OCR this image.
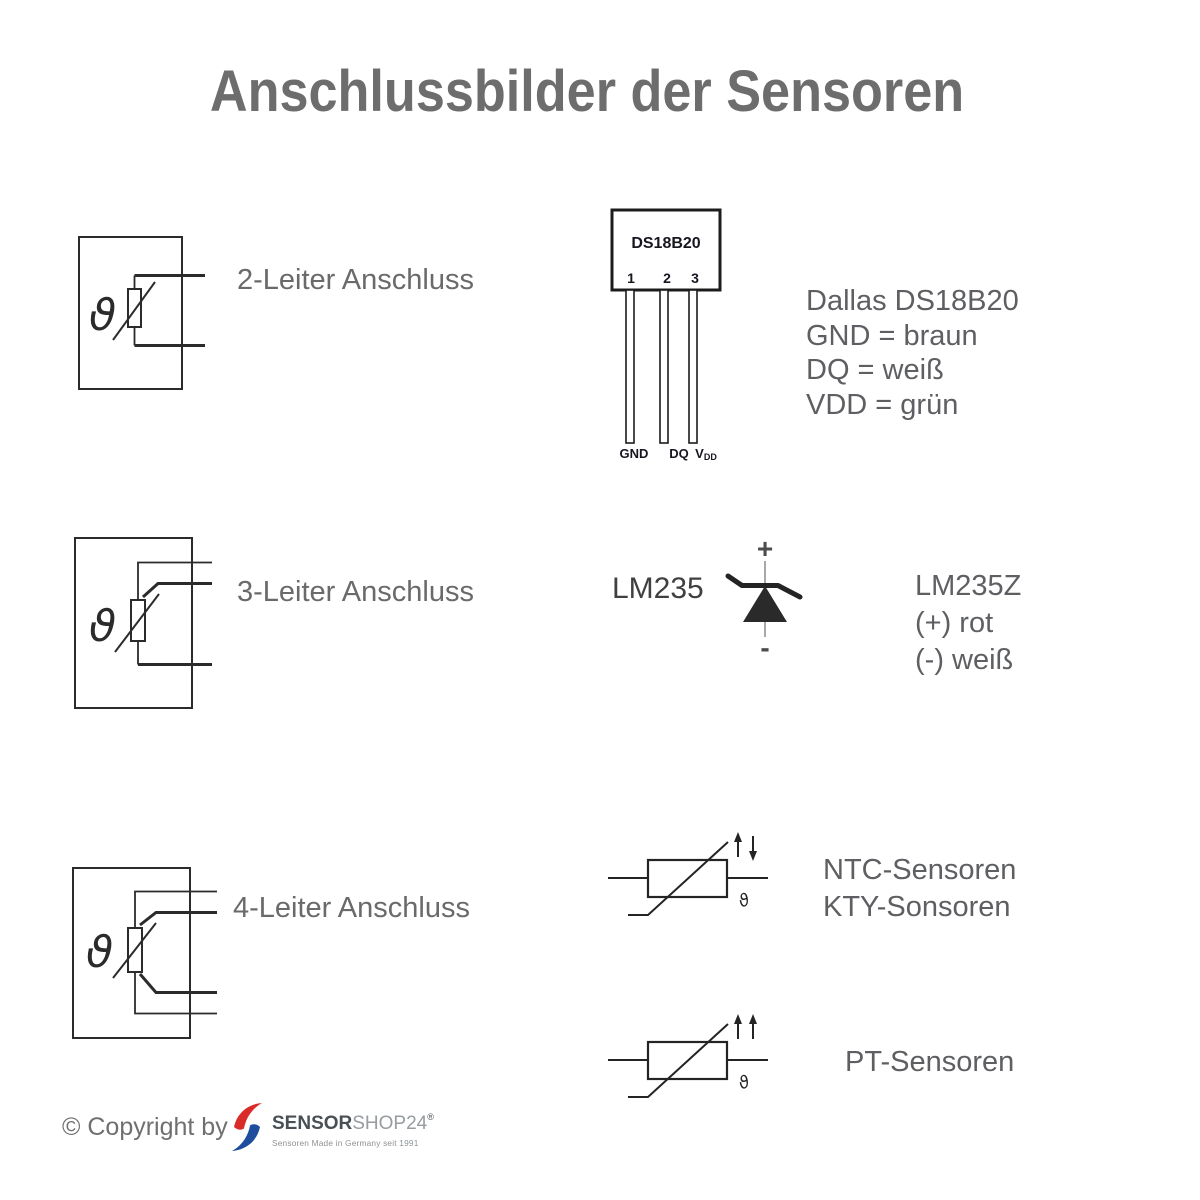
Anschlussbilder der Sensoren
ϑ
2-Leiter Anschluss
DS18B20
1 2 3
GND DQ VDD
Dallas DS18B20
GND = braun
DQ = weiß
VDD = grün
ϑ
3-Leiter Anschluss	LM235
+
-
LM235Z
(+) rot
(-) weiß
ϑ
4-Leiter Anschluss	ϑ
NTC-Sensoren
KTY-Sonsoren
ϑ
PT-Sensoren
© Copyright by SENSORSHOP24®
Sensoren Made in Germany seit 1991
